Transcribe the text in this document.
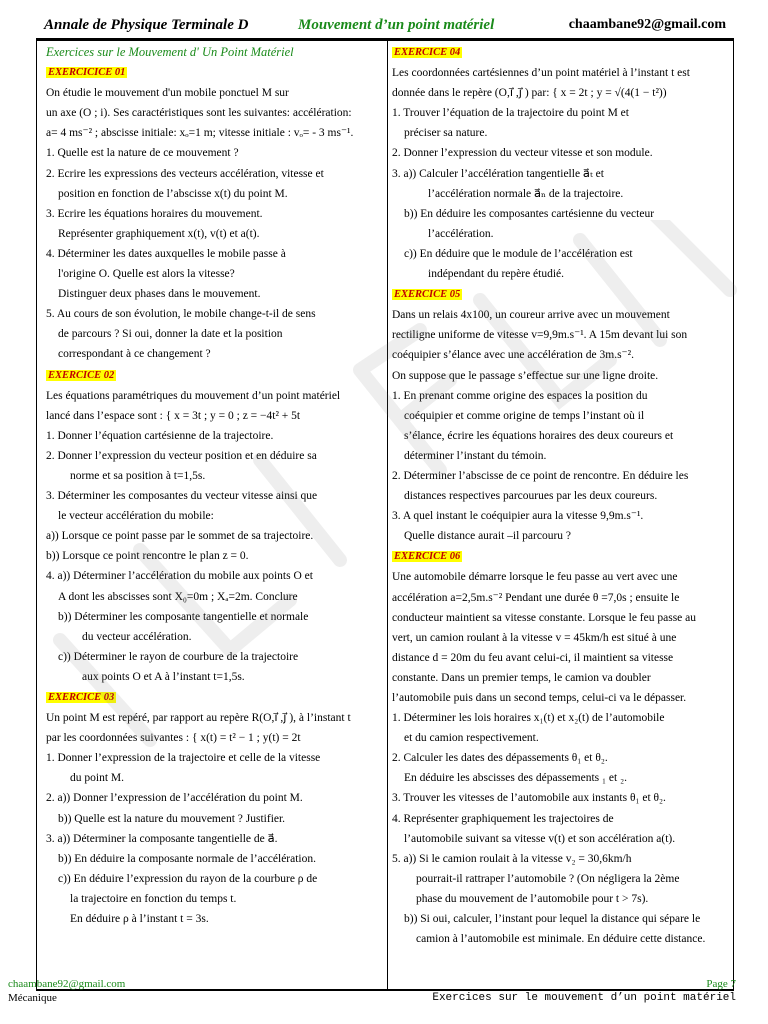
Annale de Physique Terminale D	Mouvement d’un point matériel	chaambane92@gmail.com

Exercices sur le Mouvement d' Un Point Matériel

EXERCICICE 01

On étudie le mouvement d'un mobile ponctuel M sur

un axe (O ; i). Ses caractéristiques sont les suivantes: accélération:

a= 4 ms⁻² ; abscisse initiale: xₒ=1 m; vitesse initiale : vₒ= - 3 ms⁻¹.

1. Quelle est la nature de ce mouvement ?

2. Ecrire les expressions des vecteurs accélération, vitesse et

position en fonction de l’abscisse x(t) du point M.

3. Ecrire les équations horaires du mouvement.

Représenter graphiquement x(t), v(t) et a(t).

4. Déterminer les dates auxquelles le mobile passe à

l'origine O. Quelle est alors la vitesse?

Distinguer deux phases dans le mouvement.

5. Au cours de son évolution, le mobile change-t-il de sens

de parcours ? Si oui, donner la date et la position

correspondant à ce changement ?

EXERCICE 02

Les équations paramétriques du mouvement d’un point matériel

lancé dans l’espace sont : { x = 3t ; y = 0 ; z = −4t² + 5t

1. Donner l’équation cartésienne de la trajectoire.

2. Donner l’expression du vecteur position et en déduire sa

norme et sa position à t=1,5s.

3. Déterminer les composantes du vecteur vitesse ainsi que

le vecteur accélération du mobile:

a)) Lorsque ce point passe par le sommet de sa trajectoire.

b)) Lorsque ce point rencontre le plan z = 0.

4. a)) Déterminer l’accélération du mobile aux points O et

A dont les abscisses sont X₀=0m ; Xₐ=2m. Conclure

b)) Déterminer les composante tangentielle et normale

du vecteur accélération.

c)) Déterminer le rayon de courbure de la trajectoire

aux points O et A à l’instant t=1,5s.

EXERCICE 03

Un point M est repéré, par rapport au repère R(O,i⃗ ,j⃗ ), à l’instant t

par les coordonnées suivantes : { x(t) = t² − 1 ; y(t) = 2t

1. Donner l’expression de la trajectoire et celle de la vitesse

du point M.

2. a)) Donner l’expression de l’accélération du point M.

b)) Quelle est la nature du mouvement ? Justifier.

3. a)) Déterminer la composante tangentielle de a⃗.

b)) En déduire la composante normale de l’accélération.

c)) En déduire l’expression du rayon de la courbure ρ de

la trajectoire en fonction du temps t.

En déduire ρ à l’instant t = 3s.

EXERCICE 04

Les coordonnées cartésiennes d’un point matériel à l’instant t est

donnée dans le repère (O,i⃗ ,j⃗ ) par: { x = 2t ; y = √(4(1 − t²))

1. Trouver l’équation de la trajectoire du point M et

préciser sa nature.

2. Donner l’expression du vecteur vitesse et son module.

3. a)) Calculer l’accélération tangentielle a⃗ₜ et

l’accélération normale a⃗ₙ de la trajectoire.

b)) En déduire les composantes cartésienne du vecteur

l’accélération.

c)) En déduire que le module de l’accélération est

indépendant du repère étudié.

EXERCICE 05

Dans un relais 4x100, un coureur arrive avec un mouvement

rectiligne uniforme de vitesse v=9,9m.s⁻¹. A 15m devant lui son

coéquipier s’élance avec une accélération de 3m.s⁻².

On suppose que le passage s’effectue sur une ligne droite.

1. En prenant comme origine des espaces la position du

coéquipier et comme origine de temps l’instant où il

s’élance, écrire les équations horaires des deux coureurs et

déterminer l’instant du témoin.

2. Déterminer l’abscisse de ce point de rencontre. En déduire les

distances respectives parcourues par les deux coureurs.

3. A quel instant le coéquipier aura la vitesse 9,9m.s⁻¹.

Quelle distance aurait –il parcouru ?

EXERCICE 06

Une automobile démarre lorsque le feu passe au vert avec une

accélération a=2,5m.s⁻² Pendant une durée θ =7,0s ; ensuite le

conducteur maintient sa vitesse constante. Lorsque le feu passe au

vert, un camion roulant à la vitesse v = 45km/h est situé à une

distance d = 20m du feu avant celui-ci, il maintient sa vitesse

constante. Dans un premier temps, le camion va doubler

l’automobile puis dans un second temps, celui-ci va le dépasser.

1. Déterminer les lois horaires x₁(t) et x₂(t) de l’automobile

et du camion respectivement.

2. Calculer les dates des dépassements θ₁ et θ₂.

En déduire les abscisses des dépassements ₁ et ₂.

3. Trouver les vitesses de l’automobile aux instants θ₁ et θ₂.

4. Représenter graphiquement les trajectoires de

l’automobile suivant sa vitesse v(t) et son accélération a(t).

5. a)) Si le camion roulait à la vitesse v₂ = 30,6km/h

pourrait-il rattraper l’automobile ? (On négligera la 2ème

phase du mouvement de l’automobile pour t > 7s).

b)) Si oui, calculer, l’instant pour lequel la distance qui sépare le

camion à l’automobile est minimale. En déduire cette distance.

chaambane92@gmail.com	Page 7
Mécanique	Exercices sur le mouvement d’un point matériel
